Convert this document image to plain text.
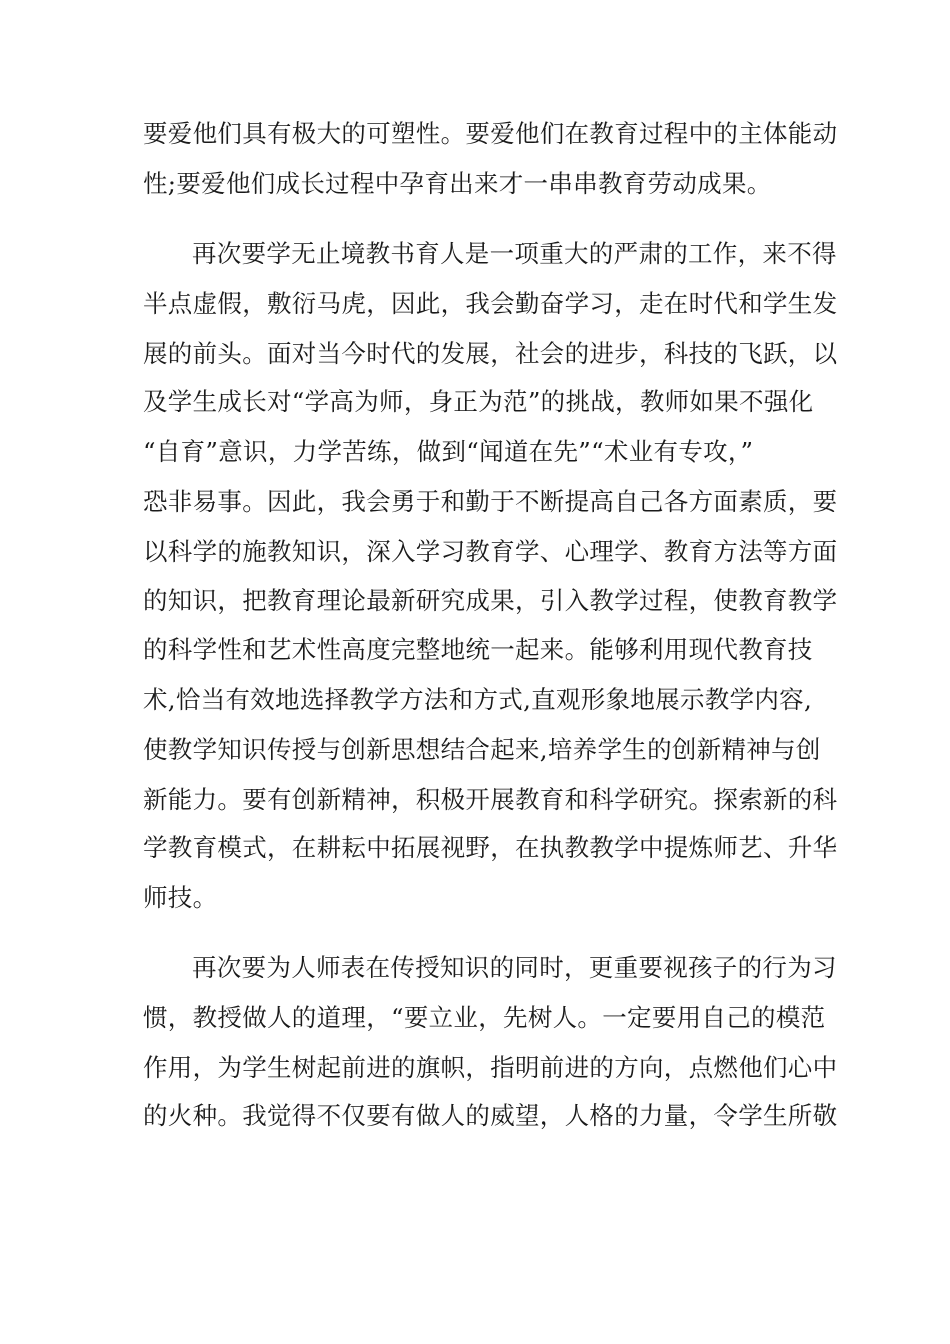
要爱他们具有极大的可塑性。要爱他们在教育过程中的主体能动

性;要爱他们成长过程中孕育出来才一串串教育劳动成果。

再次要学无止境教书育人是一项重大的严肃的工作，来不得

半点虚假，敷衍马虎，因此，我会勤奋学习，走在时代和学生发

展的前头。面对当今时代的发展，社会的进步，科技的飞跃，以

及学生成长对“学高为师，身正为范”的挑战，教师如果不强化

“自育”意识，力学苦练，做到“闻道在先”“术业有专攻，”

恐非易事。因此，我会勇于和勤于不断提高自己各方面素质，要

以科学的施教知识，深入学习教育学、心理学、教育方法等方面

的知识，把教育理论最新研究成果，引入教学过程，使教育教学

的科学性和艺术性高度完整地统一起来。能够利用现代教育技

术,恰当有效地选择教学方法和方式,直观形象地展示教学内容,

使教学知识传授与创新思想结合起来,培养学生的创新精神与创

新能力。要有创新精神，积极开展教育和科学研究。探索新的科

学教育模式，在耕耘中拓展视野，在执教教学中提炼师艺、升华

师技。

再次要为人师表在传授知识的同时，更重要视孩子的行为习

惯，教授做人的道理，“要立业，先树人。一定要用自己的模范

作用，为学生树起前进的旗帜，指明前进的方向，点燃他们心中

的火种。我觉得不仅要有做人的威望，人格的力量，令学生所敬
